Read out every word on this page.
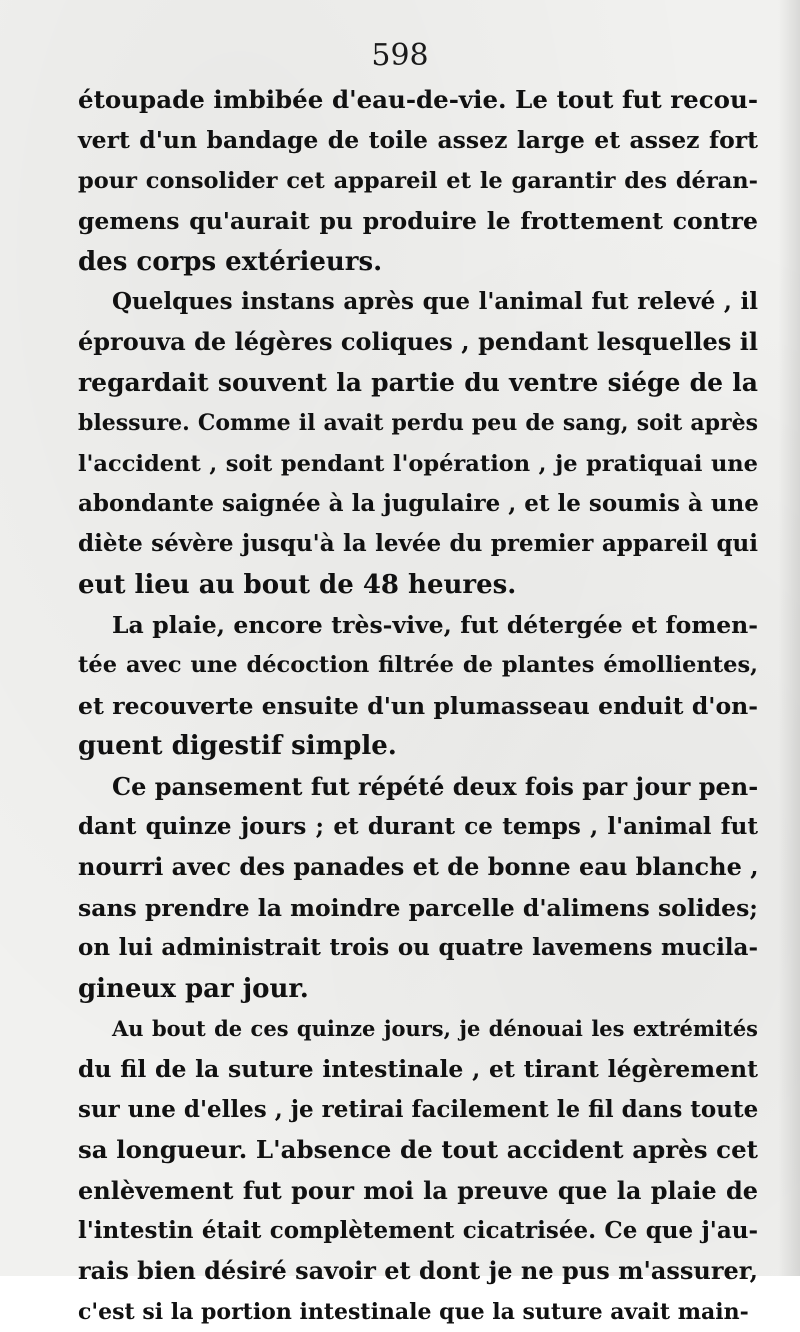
598
étoupade imbibée d'eau-de-vie. Le tout fut recou-
vert d'un bandage de toile assez large et assez fort
pour consolider cet appareil et le garantir des déran-
gemens qu'aurait pu produire le frottement contre
des corps extérieurs.
Quelques instans après que l'animal fut relevé , il
éprouva de légères coliques , pendant lesquelles il
regardait souvent la partie du ventre siége de la
blessure. Comme il avait perdu peu de sang, soit après
l'accident , soit pendant l'opération , je pratiquai une
abondante saignée à la jugulaire , et le soumis à une
diète sévère jusqu'à la levée du premier appareil qui
eut lieu au bout de 48 heures.
La plaie, encore très-vive, fut détergée et fomen-
tée avec une décoction filtrée de plantes émollientes,
et recouverte ensuite d'un plumasseau enduit d'on-
guent digestif simple.
Ce pansement fut répété deux fois par jour pen-
dant quinze jours ; et durant ce temps , l'animal fut
nourri avec des panades et de bonne eau blanche ,
sans prendre la moindre parcelle d'alimens solides;
on lui administrait trois ou quatre lavemens mucila-
gineux par jour.
Au bout de ces quinze jours, je dénouai les extrémités
du fil de la suture intestinale , et tirant légèrement
sur une d'elles , je retirai facilement le fil dans toute
sa longueur. L'absence de tout accident après cet
enlèvement fut pour moi la preuve que la plaie de
l'intestin était complètement cicatrisée. Ce que j'au-
rais bien désiré savoir et dont je ne pus m'assurer,
c'est si la portion intestinale que la suture avait main-
